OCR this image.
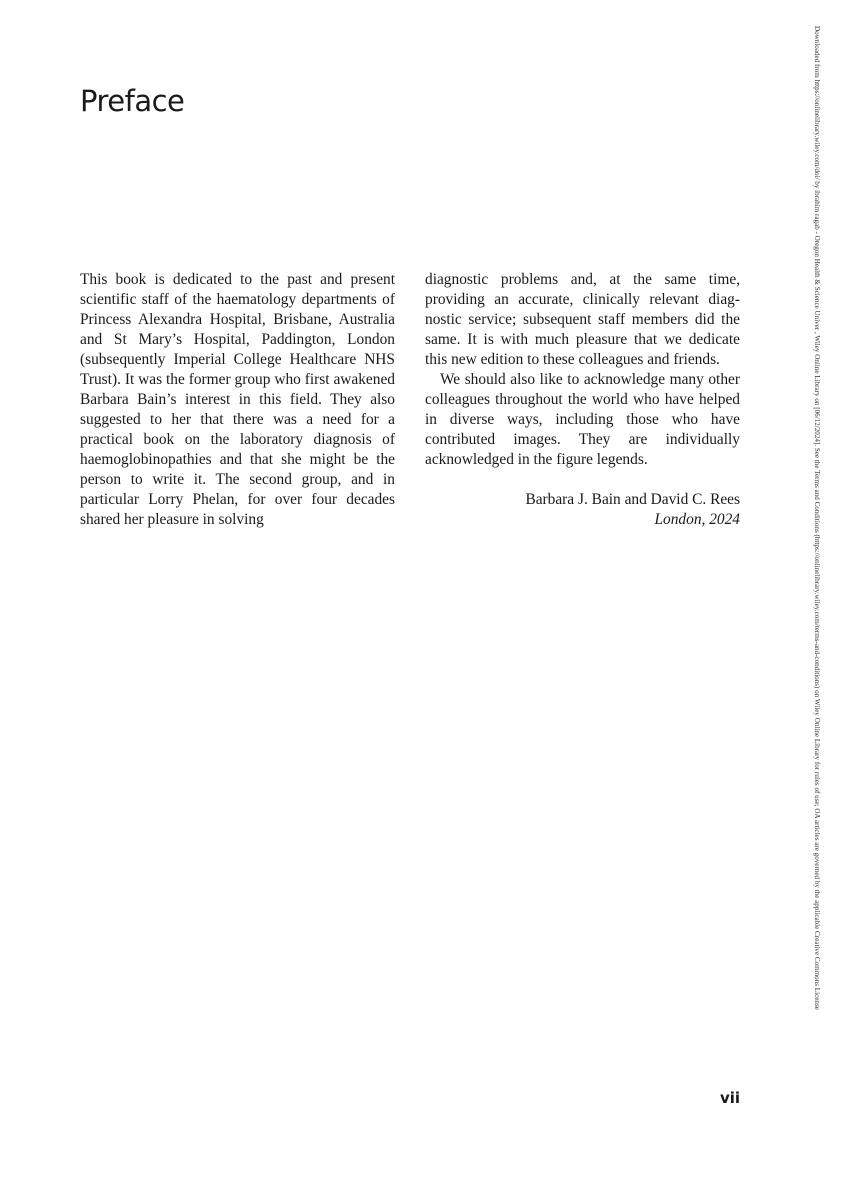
Preface

This book is dedicated to the past and present scientific staff of the haematology departments of Princess Alexandra Hospital, Brisbane, Australia and St Mary’s Hospital, Paddington, London (subsequently Imperial College Healthcare NHS Trust). It was the former group who first awakened Barbara Bain’s interest in this field. They also suggested to her that there was a need for a practical book on the laboratory diagnosis of haemoglobinopathies and that she might be the person to write it. The second group, and in particular Lorry Phelan, for over four decades shared her pleasure in solving

diagnostic problems and, at the same time, providing an accurate, clinically relevant diagnostic service; subsequent staff members did the same. It is with much pleasure that we dedicate this new edition to these colleagues and friends.

We should also like to acknowledge many other colleagues throughout the world who have helped in diverse ways, including those who have contributed images. They are individually acknowledged in the figure legends.

Barbara J. Bain and David C. Rees
London, 2024
vii
Downloaded from https://onlinelibrary.wiley.com/doi/ by ibrahim ragab - Oregon Health & Science Univer , Wiley Online Library on [06/12/2024]. See the Terms and Conditions (https://onlinelibrary.wiley.com/terms-and-conditions) on Wiley Online Library for rules of use; OA articles are governed by the applicable Creative Commons License
